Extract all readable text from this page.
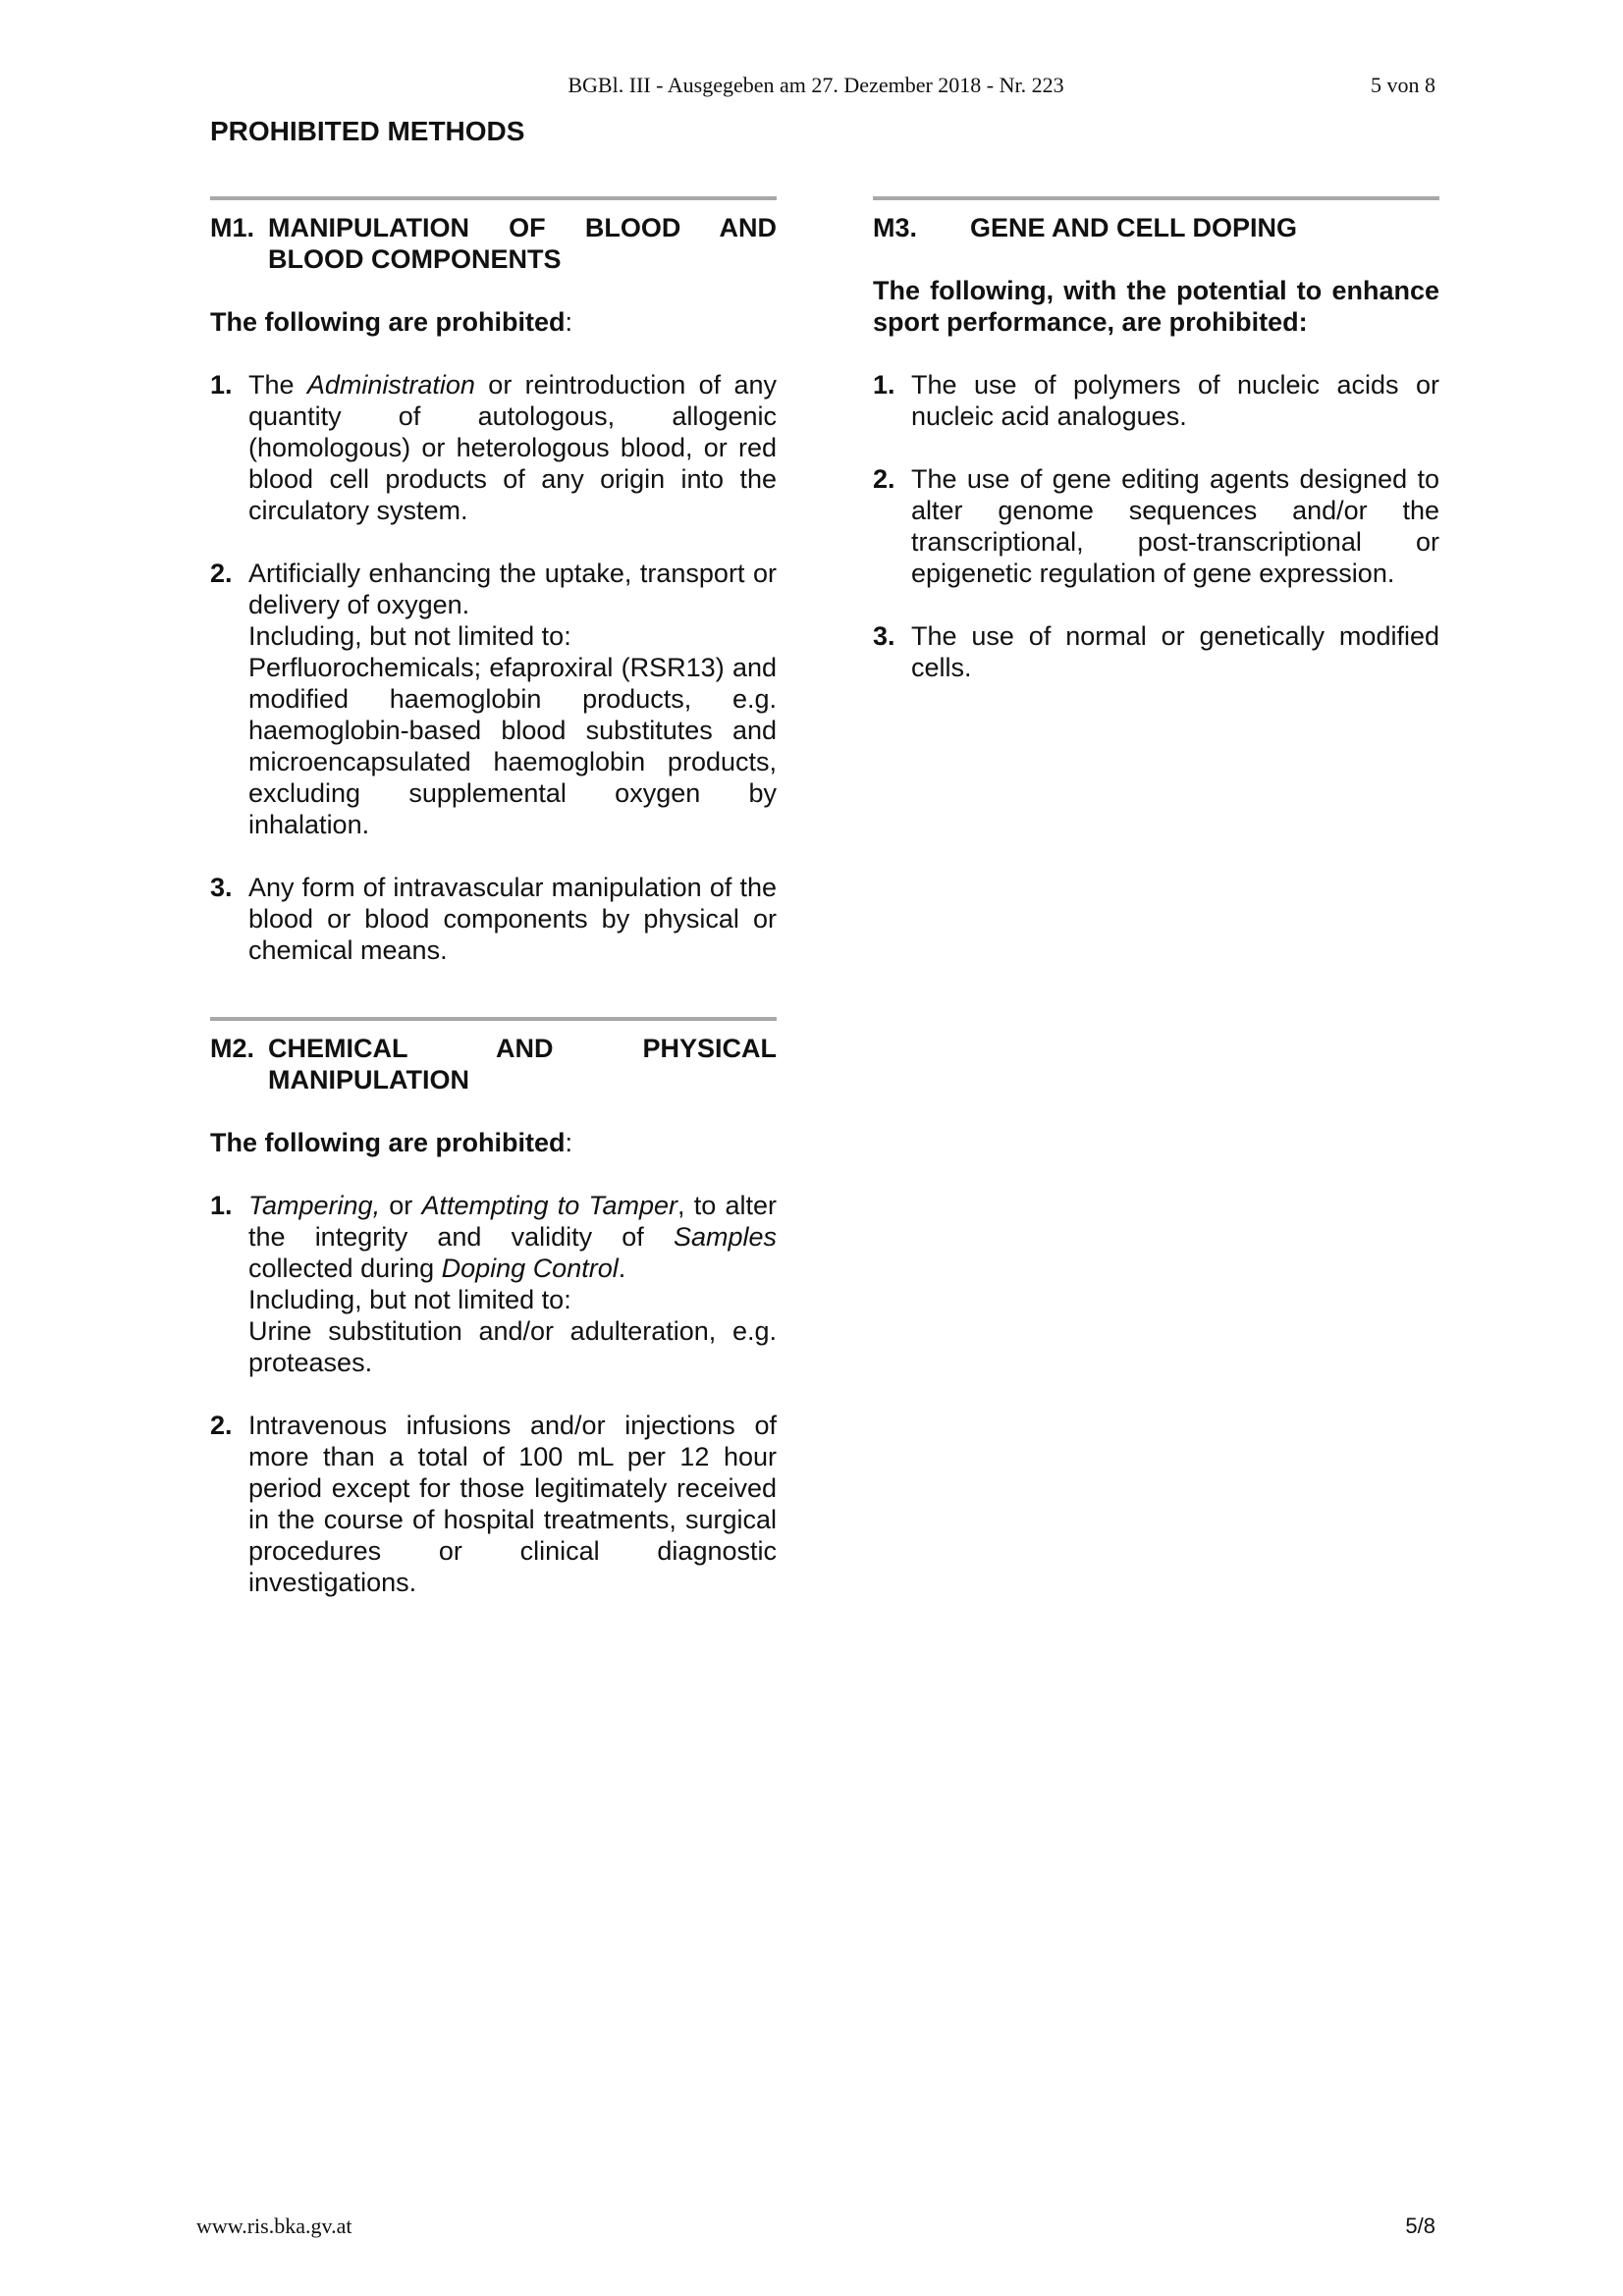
BGBl. III - Ausgegeben am 27. Dezember 2018 - Nr. 223	5 von 8
PROHIBITED METHODS
M1. MANIPULATION OF BLOOD AND BLOOD COMPONENTS
The following are prohibited:
1. The Administration or reintroduction of any quantity of autologous, allogenic (homologous) or heterologous blood, or red blood cell products of any origin into the circulatory system.
2. Artificially enhancing the uptake, transport or delivery of oxygen.

Including, but not limited to:

Perfluorochemicals; efaproxiral (RSR13) and modified haemoglobin products, e.g. haemoglobin-based blood substitutes and microencapsulated haemoglobin products, excluding supplemental oxygen by inhalation.

3. Any form of intravascular manipulation of the blood or blood components by physical or chemical means.
M2. CHEMICAL AND PHYSICAL MANIPULATION
The following are prohibited:
1. Tampering, or Attempting to Tamper, to alter the integrity and validity of Samples collected during Doping Control.

Including, but not limited to:

Urine substitution and/or adulteration, e.g. proteases.

2. Intravenous infusions and/or injections of more than a total of 100 mL per 12 hour period except for those legitimately received in the course of hospital treatments, surgical procedures or clinical diagnostic investigations.
M3.	GENE AND CELL DOPING
The following, with the potential to enhance sport performance, are prohibited:
1. The use of polymers of nucleic acids or nucleic acid analogues.
2. The use of gene editing agents designed to alter genome sequences and/or the transcriptional, post-transcriptional or epigenetic regulation of gene expression.
3. The use of normal or genetically modified cells.
www.ris.bka.gv.at	5/8
